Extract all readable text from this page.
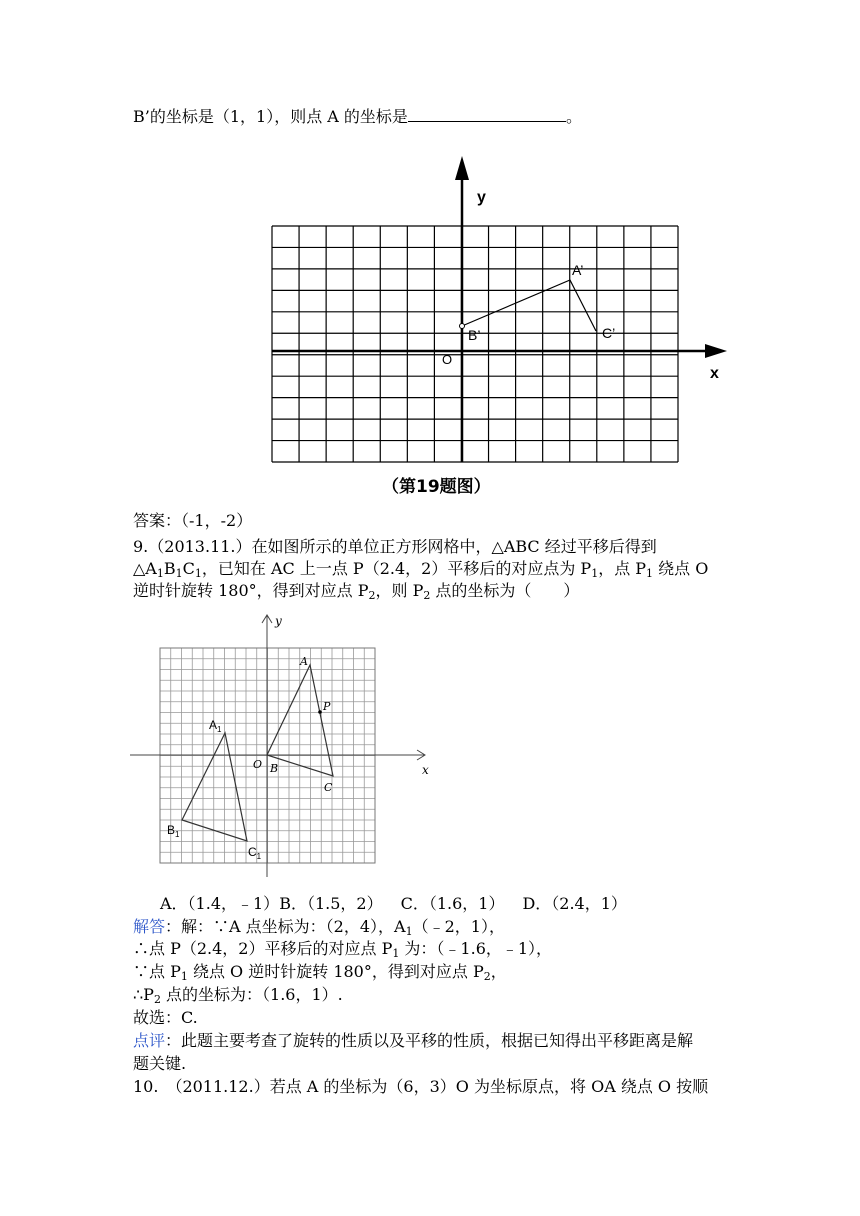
B’的坐标是（1，1），则点 A 的坐标是	。
y
x
O
A’
B’	C’
（第19题图）
答案：（-1，-2）
9.（2013.11.）在如图所示的单位正方形网格中，△ABC 经过平移后得到
$\triangle A_1B_1C_1$，已知在 AC 上一点 P（2.4，2）平移后的对应点为 $P_1$，点 $P_1$ 绕点 O
逆时针旋转 180°，得到对应点 $P_2$，则 $P_2$ 点的坐标为（　　）
y
x
A
P
O B
C
$A_1$
$B_1$
$C_1$
A．（1.4，﹣1）B．（1.5，2） C．（1.6，1） D．（2.4，1）
解答：解：∵A 点坐标为：（2，4），$A_1(﹣2$，1），
∴点 P（2.4，2）平移后的对应点 $P_1$ 为：（﹣1.6，﹣1），
∵点 $P_1$ 绕点 O 逆时针旋转 180°，得到对应点 $P_2$，
$\therefore P_2$ 点的坐标为：（1.6，1）.
故选：C.
点评：此题主要考查了旋转的性质以及平移的性质，根据已知得出平移距离是解
题关键.
10.　（2011.12.）若点 A 的坐标为（6，3）O 为坐标原点，将 OA 绕点 O 按顺
